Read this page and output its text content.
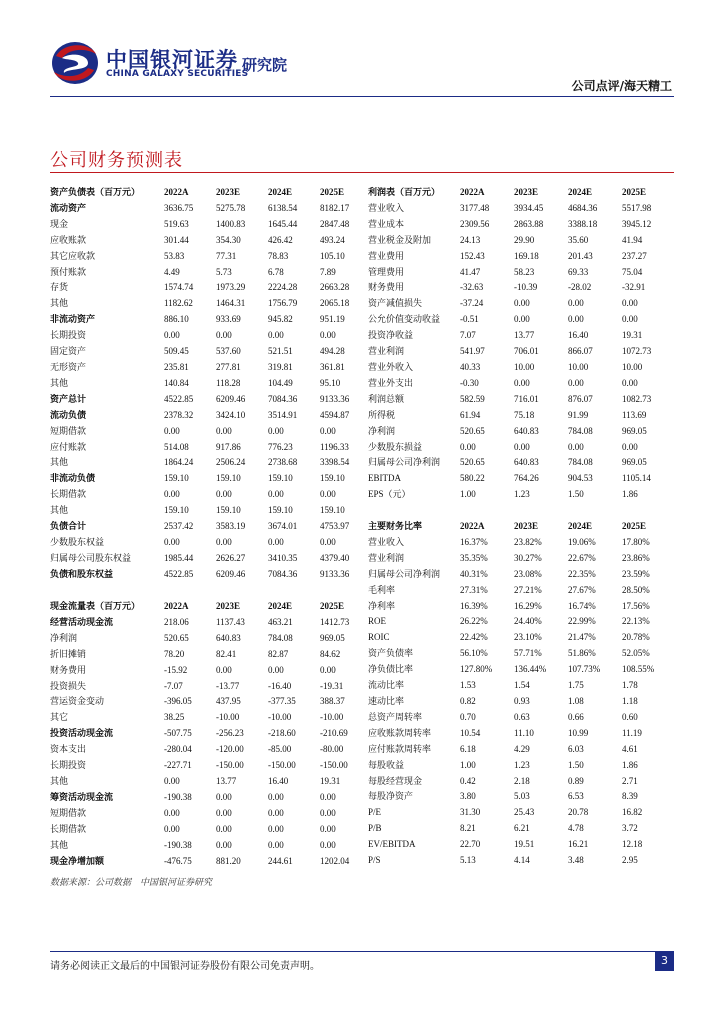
中国银河证券
CHINA GALAXY SECURITIES
研究院
公司点评/海天精工
公司财务预测表
资产负债表（百万元）	2022A	2023E	2024E	2025E
流动资产	3636.75	5275.78	6138.54	8182.17
现金	519.63	1400.83	1645.44	2847.48
应收账款	301.44	354.30	426.42	493.24
其它应收款	53.83	77.31	78.83	105.10
预付账款	4.49	5.73	6.78	7.89
存货	1574.74	1973.29	2224.28	2663.28
其他	1182.62	1464.31	1756.79	2065.18
非流动资产	886.10	933.69	945.82	951.19
长期投资	0.00	0.00	0.00	0.00
固定资产	509.45	537.60	521.51	494.28
无形资产	235.81	277.81	319.81	361.81
其他	140.84	118.28	104.49	95.10
资产总计	4522.85	6209.46	7084.36	9133.36
流动负债	2378.32	3424.10	3514.91	4594.87
短期借款	0.00	0.00	0.00	0.00
应付账款	514.08	917.86	776.23	1196.33
其他	1864.24	2506.24	2738.68	3398.54
非流动负债	159.10	159.10	159.10	159.10
长期借款	0.00	0.00	0.00	0.00
其他	159.10	159.10	159.10	159.10
负债合计	2537.42	3583.19	3674.01	4753.97
少数股东权益	0.00	0.00	0.00	0.00
归属母公司股东权益	1985.44	2626.27	3410.35	4379.40
负债和股东权益	4522.85	6209.46	7084.36	9133.36
利润表（百万元）	2022A	2023E	2024E	2025E
营业收入	3177.48	3934.45	4684.36	5517.98
营业成本	2309.56	2863.88	3388.18	3945.12
营业税金及附加	24.13	29.90	35.60	41.94
营业费用	152.43	169.18	201.43	237.27
管理费用	41.47	58.23	69.33	75.04
财务费用	-32.63	-10.39	-28.02	-32.91
资产减值损失	-37.24	0.00	0.00	0.00
公允价值变动收益	-0.51	0.00	0.00	0.00
投资净收益	7.07	13.77	16.40	19.31
营业利润	541.97	706.01	866.07	1072.73
营业外收入	40.33	10.00	10.00	10.00
营业外支出	-0.30	0.00	0.00	0.00
利润总额	582.59	716.01	876.07	1082.73
所得税	61.94	75.18	91.99	113.69
净利润	520.65	640.83	784.08	969.05
少数股东损益	0.00	0.00	0.00	0.00
归属母公司净利润	520.65	640.83	784.08	969.05
EBITDA	580.22	764.26	904.53	1105.14
EPS（元）	1.00	1.23	1.50	1.86
主要财务比率	2022A	2023E	2024E	2025E
营业收入	16.37%	23.82%	19.06%	17.80%
营业利润	35.35%	30.27%	22.67%	23.86%
归属母公司净利润	40.31%	23.08%	22.35%	23.59%
毛利率	27.31%	27.21%	27.67%	28.50%
净利率	16.39%	16.29%	16.74%	17.56%
ROE	26.22%	24.40%	22.99%	22.13%
ROIC	22.42%	23.10%	21.47%	20.78%
资产负债率	56.10%	57.71%	51.86%	52.05%
净负债比率	127.80%	136.44%	107.73%	108.55%
流动比率	1.53	1.54	1.75	1.78
速动比率	0.82	0.93	1.08	1.18
总资产周转率	0.70	0.63	0.66	0.60
应收账款周转率	10.54	11.10	10.99	11.19
应付账款周转率	6.18	4.29	6.03	4.61
每股收益	1.00	1.23	1.50	1.86
每股经营现金	0.42	2.18	0.89	2.71
每股净资产	3.80	5.03	6.53	8.39
P/E	31.30	25.43	20.78	16.82
P/B	8.21	6.21	4.78	3.72
EV/EBITDA	22.70	19.51	16.21	12.18
P/S	5.13	4.14	3.48	2.95
现金流量表（百万元）	2022A	2023E	2024E	2025E
经营活动现金流	218.06	1137.43	463.21	1412.73
净利润	520.65	640.83	784.08	969.05
折旧摊销	78.20	82.41	82.87	84.62
财务费用	-15.92	0.00	0.00	0.00
投资损失	-7.07	-13.77	-16.40	-19.31
营运资金变动	-396.05	437.95	-377.35	388.37
其它	38.25	-10.00	-10.00	-10.00
投资活动现金流	-507.75	-256.23	-218.60	-210.69
资本支出	-280.04	-120.00	-85.00	-80.00
长期投资	-227.71	-150.00	-150.00	-150.00
其他	0.00	13.77	16.40	19.31
筹资活动现金流	-190.38	0.00	0.00	0.00
短期借款	0.00	0.00	0.00	0.00
长期借款	0.00	0.00	0.00	0.00
其他	-190.38	0.00	0.00	0.00
现金净增加额	-476.75	881.20	244.61	1202.04
数据来源：公司数据　中国银河证券研究
请务必阅读正文最后的中国银河证券股份有限公司免责声明。	3
